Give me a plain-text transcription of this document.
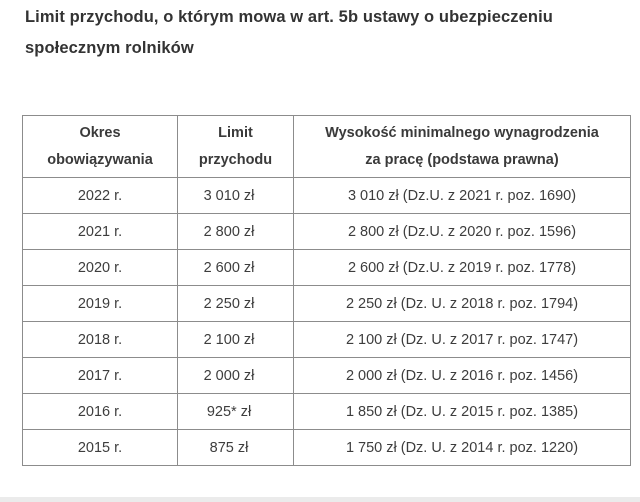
Limit przychodu, o którym mowa w art. 5b ustawy o ubezpieczeniu społecznym rolników
Okres obowiązywania	Limit przychodu	Wysokość minimalnego wynagrodzenia za pracę (podstawa prawna)
2022 r.	3 010 zł	3 010 zł (Dz.U. z 2021 r. poz. 1690)
2021 r.	2 800 zł	2 800 zł (Dz.U. z 2020 r. poz. 1596)
2020 r.	2 600 zł	2 600 zł (Dz.U. z 2019 r. poz. 1778)
2019 r.	2 250 zł	2 250 zł (Dz. U. z 2018 r. poz. 1794)
2018 r.	2 100 zł	2 100 zł (Dz. U. z 2017 r. poz. 1747)
2017 r.	2 000 zł	2 000 zł (Dz. U. z 2016 r. poz. 1456)
2016 r.	925* zł	1 850 zł (Dz. U. z 2015 r. poz. 1385)
2015 r.	875 zł	1 750 zł (Dz. U. z 2014 r. poz. 1220)
